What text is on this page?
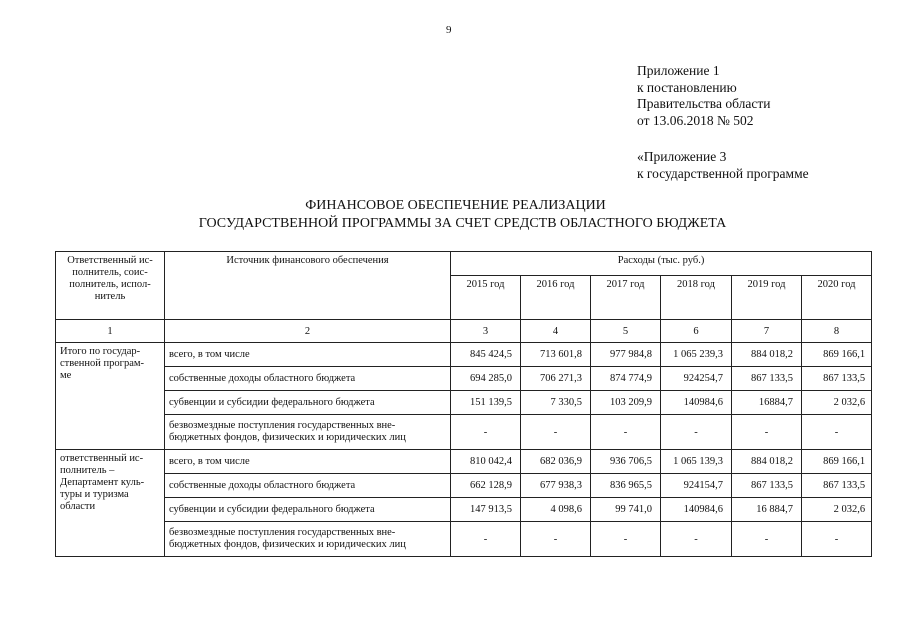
9
Приложение 1
к постановлению
Правительства области
от 13.06.2018 № 502
«Приложение 3
к государственной программе
ФИНАНСОВОЕ ОБЕСПЕЧЕНИЕ РЕАЛИЗАЦИИ
ГОСУДАРСТВЕННОЙ ПРОГРАММЫ ЗА СЧЕТ СРЕДСТВ ОБЛАСТНОГО БЮДЖЕТА
Ответственный ис-
полнитель, соис-
полнитель, испол-
нитель	Источник финансового обеспечения	Расходы (тыс. руб.)					
		2015 год	2016 год	2017 год	2018 год	2019 год	2020 год
1	2	3	4	5	6	7	8
Итого по государ-
ственной програм-
ме	всего, в том числе	845 424,5	713 601,8	977 984,8	1 065 239,3	884 018,2	869 166,1
	собственные доходы областного бюджета	694 285,0	706 271,3	874 774,9	924254,7	867 133,5	867 133,5
	субвенции и субсидии федерального бюджета	151 139,5	7 330,5	103 209,9	140984,6	16884,7	2 032,6
	безвозмездные поступления государственных вне-
бюджетных фондов, физических и юридических лиц	-	-	-	-	-	-
ответственный ис-
полнитель –
Департамент куль-
туры и туризма
области	всего, в том числе	810 042,4	682 036,9	936 706,5	1 065 139,3	884 018,2	869 166,1
	собственные доходы областного бюджета	662 128,9	677 938,3	836 965,5	924154,7	867 133,5	867 133,5
	субвенции и субсидии федерального бюджета	147 913,5	4 098,6	99 741,0	140984,6	16 884,7	2 032,6
	безвозмездные поступления государственных вне-
бюджетных фондов, физических и юридических лиц	-	-	-	-	-	-
